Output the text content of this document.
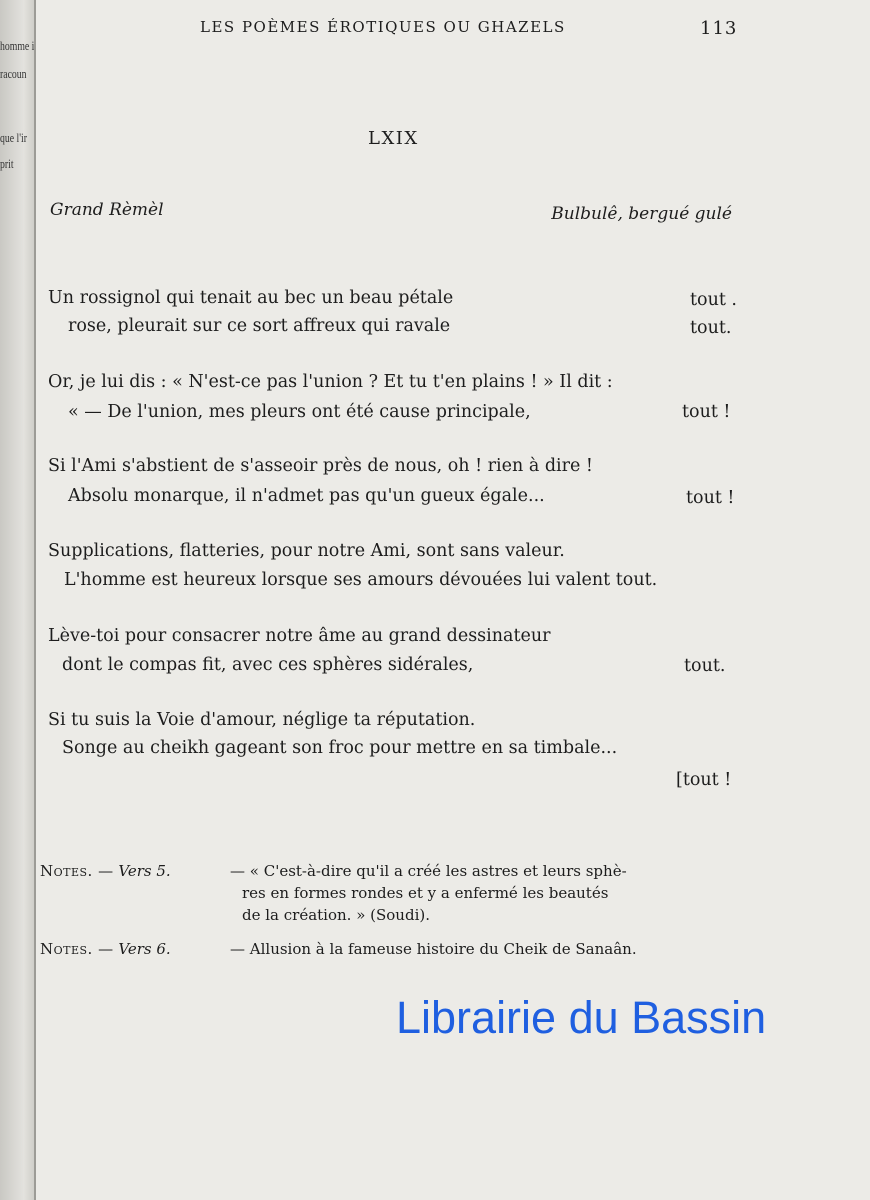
homme i
racoun
que l'ir
prit
LES POÈMES ÉROTIQUES OU GHAZELS	113
LXIX
Grand Rèmèl	Bulbulê, bergué gulé
Un rossignol qui tenait au bec un beau pétale	tout .
rose, pleurait sur ce sort affreux qui ravale	tout.
Or, je lui dis : « N'est-ce pas l'union ? Et tu t'en plains ! » Il dit :
« — De l'union, mes pleurs ont été cause principale,	tout !
Si l'Ami s'abstient de s'asseoir près de nous, oh ! rien à dire !
Absolu monarque, il n'admet pas qu'un gueux égale...	tout !
Supplications, flatteries, pour notre Ami, sont sans valeur.
L'homme est heureux lorsque ses amours dévouées lui valent tout.
Lève-toi pour consacrer notre âme au grand dessinateur
dont le compas fit, avec ces sphères sidérales,	tout.
Si tu suis la Voie d'amour, néglige ta réputation.
Songe au cheikh gageant son froc pour mettre en sa timbale...
[tout !
Notes. — Vers 5.	— « C'est-à-dire qu'il a créé les astres et leurs sphè-
res en formes rondes et y a enfermé les beautés
de la création. » (Soudi).
Notes. — Vers 6.	— Allusion à la fameuse histoire du Cheik de Sanaân.
Librairie du Bassin
